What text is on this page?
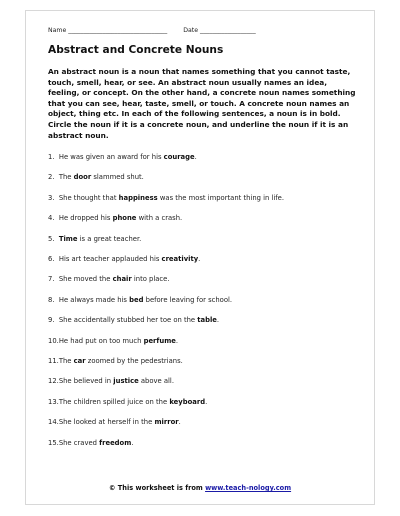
Name ________________________________	Date __________________
Abstract and Concrete Nouns
An abstract noun is a noun that names something that you cannot taste, touch, smell, hear, or see. An abstract noun usually names an idea, feeling, or concept. On the other hand, a concrete noun names something that you can see, hear, taste, smell, or touch. A concrete noun names an object, thing etc. In each of the following sentences, a noun is in bold. Circle the noun if it is a concrete noun, and underline the noun if it is an abstract noun.
1. He was given an award for his courage.
2. The door slammed shut.
3. She thought that happiness was the most important thing in life.
4. He dropped his phone with a crash.
5. Time is a great teacher.
6. His art teacher applauded his creativity.
7. She moved the chair into place.
8. He always made his bed before leaving for school.
9. She accidentally stubbed her toe on the table.
10.He had put on too much perfume.
11.The car zoomed by the pedestrians.
12.She believed in justice above all.
13.The children spilled juice on the keyboard.
14.She looked at herself in the mirror.
15.She craved freedom.
© This worksheet is from www.teach-nology.com
